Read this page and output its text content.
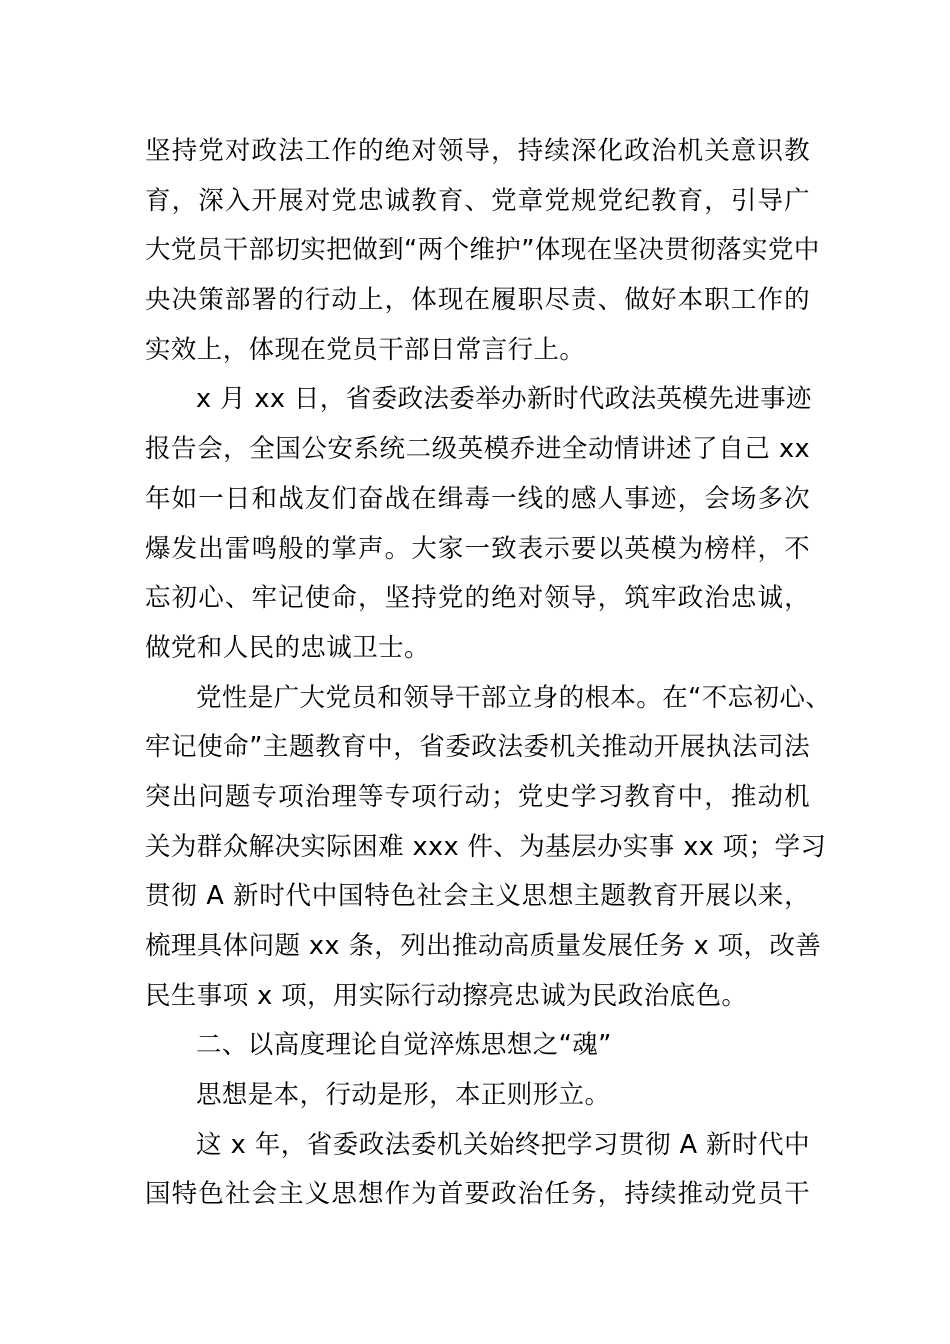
坚持党对政法工作的绝对领导，持续深化政治机关意识教
育，深入开展对党忠诚教育、党章党规党纪教育，引导广
大党员干部切实把做到“两个维护”体现在坚决贯彻落实党中
央决策部署的行动上，体现在履职尽责、做好本职工作的
实效上，体现在党员干部日常言行上。
x 月 xx 日，省委政法委举办新时代政法英模先进事迹
报告会，全国公安系统二级英模乔进全动情讲述了自己 xx
年如一日和战友们奋战在缉毒一线的感人事迹，会场多次
爆发出雷鸣般的掌声。大家一致表示要以英模为榜样，不
忘初心、牢记使命，坚持党的绝对领导，筑牢政治忠诚，
做党和人民的忠诚卫士。
党性是广大党员和领导干部立身的根本。在“不忘初心、
牢记使命”主题教育中，省委政法委机关推动开展执法司法
突出问题专项治理等专项行动；党史学习教育中，推动机
关为群众解决实际困难 xxx 件、为基层办实事 xx 项；学习
贯彻 A 新时代中国特色社会主义思想主题教育开展以来，
梳理具体问题 xx 条，列出推动高质量发展任务 x 项，改善
民生事项 x 项，用实际行动擦亮忠诚为民政治底色。
二、以高度理论自觉淬炼思想之“魂”
思想是本，行动是形，本正则形立。
这 x 年，省委政法委机关始终把学习贯彻 A 新时代中
国特色社会主义思想作为首要政治任务，持续推动党员干
